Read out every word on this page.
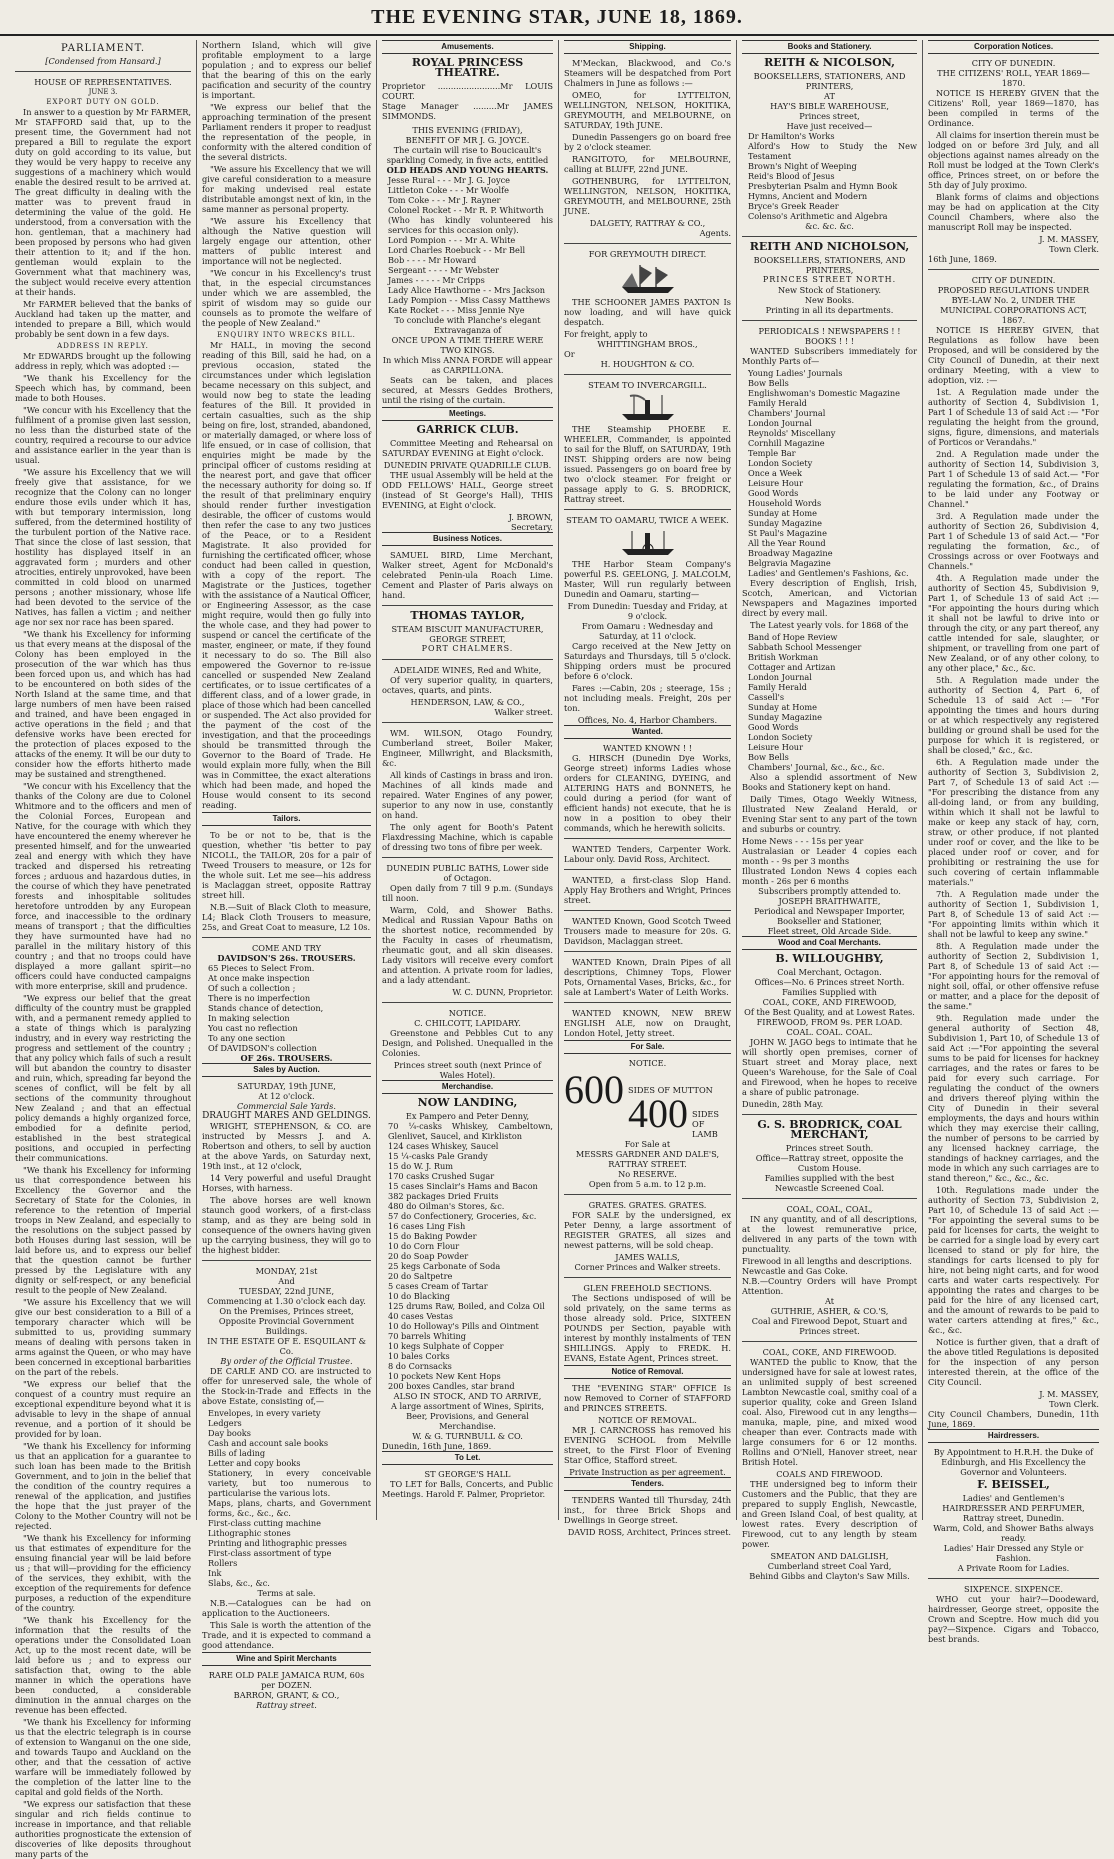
THE EVENING STAR, JUNE 18, 1869.
PARLIAMENT.
[Condensed from Hansard.]
HOUSE OF REPRESENTATIVES.
JUNE 3.
EXPORT DUTY ON GOLD.

In answer to a question by Mr FARMER, Mr STAFFORD said that, up to the present time, the Government had not prepared a Bill to regulate the export duty on gold according to its value, but they would be very happy to receive any suggestions of a machinery which would enable the desired result to be arrived at. The great difficulty in dealing with the matter was to prevent fraud in determining the value of the gold. He understood, from a conversation with the hon. gentleman, that a machinery had been proposed by persons who had given their attention to it; and if the hon. gentleman would explain to the Government what that machinery was, the subject would receive every attention at their hands.

Mr FARMER believed that the banks of Auckland had taken up the matter, and intended to prepare a Bill, which would probably be sent down in a few days.

ADDRESS IN REPLY.

Mr EDWARDS brought up the following address in reply, which was adopted :—

"We thank his Excellency for the Speech which has, by command, been made to both Houses.

"We concur with his Excellency that the fulfilment of a promise given last session, no less than the disturbed state of the country, required a recourse to our advice and assistance earlier in the year than is usual.

"We assure his Excellency that we will freely give that assistance, for we recognize that the Colony can no longer endure those evils under which it has, with but temporary intermission, long suffered, from the determined hostility of the turbulent portion of the Native race. That since the close of last session, that hostility has displayed itself in an aggravated form ; murders and other atrocities, entirely unprovoked, have been committed in cold blood on unarmed persons ; another missionary, whose life had been devoted to the service of the Natives, has fallen a victim ; and neither age nor sex nor race has been spared.

"We thank his Excellency for informing us that every means at the disposal of the Colony has been employed in the prosecution of the war which has thus been forced upon us, and which has had to be encountered on both sides of the North Island at the same time, and that large numbers of men have been raised and trained, and have been engaged in active operations in the field ; and that defensive works have been erected for the protection of places exposed to the attacks of the enemy. It will be our duty to consider how the efforts hitherto made may be sustained and strengthened.

"We concur with his Excellency that the thanks of the Colony are due to Colonel Whitmore and to the officers and men of the Colonial Forces, European and Native, for the courage with which they have encountered the enemy wherever he presented himself, and for the unwearied zeal and energy with which they have tracked and dispersed his retreating forces ; arduous and hazardous duties, in the course of which they have penetrated forests and inhospitable solitudes heretofore untrodden by any European force, and inaccessible to the ordinary means of transport ; that the difficulties they have surmounted have had no parallel in the military history of this country ; and that no troops could have displayed a more gallant spirit—no officers could have conducted campaigns with more enterprise, skill and prudence.

"We express our belief that the great difficulty of the country must be grappled with, and a permanent remedy applied to a state of things which is paralyzing industry, and in every way restricting the progress and settlement of the country ; that any policy which fails of such a result will but abandon the country to disaster and ruin, which, spreading far beyond the scenes of conflict, will be felt by all sections of the community throughout New Zealand ; and that an effectual policy demands a highly organized force, embodied for a definite period, established in the best strategical positions, and occupied in perfecting their communications.

"We thank his Excellency for informing us that correspondence between his Excellency the Governor and the Secretary of State for the Colonies, in reference to the retention of Imperial troops in New Zealand, and especially to the resolutions on the subject passed by both Houses during last session, will be laid before us, and to express our belief that the question cannot be further pressed by the Legislature with any dignity or self-respect, or any beneficial result to the people of New Zealand.

"We assure his Excellency that we will give our best consideration to a Bill of a temporary character which will be submitted to us, providing summary means of dealing with persons taken in arms against the Queen, or who may have been concerned in exceptional barbarities on the part of the rebels.

"We express our belief that the conquest of a country must require an exceptional expenditure beyond what it is advisable to levy in the shape of annual revenue, and a portion of it should be provided for by loan.

"We thank his Excellency for informing us that an application for a guarantee to such loan has been made to the British Government, and to join in the belief that the condition of the country requires a renewal of the application, and justifies the hope that the just prayer of the Colony to the Mother Country will not be rejected.

"We thank his Excellency for informing us that estimates of expenditure for the ensuing financial year will be laid before us ; that will—providing for the efficiency of the services, they exhibit, with the exception of the requirements for defence purposes, a reduction of the expenditure of the country.

"We thank his Excellency for the information that the results of the operations under the Consolidated Loan Act, up to the most recent date, will be laid before us ; and to express our satisfaction that, owing to the able manner in which the operations have been conducted, a considerable diminution in the annual charges on the revenue has been effected.

"We thank his Excellency for informing us that the electric telegraph is in course of extension to Wanganui on the one side, and towards Taupo and Auckland on the other, and that the cessation of active warfare will be immediately followed by the completion of the latter line to the capital and gold fields of the North.

"We express our satisfaction that these singular and rich fields continue to increase in importance, and that reliable authorities prognosticate the extension of discoveries of like deposits throughout many parts of the

Northern Island, which will give profitable employment to a large population ; and to express our belief that the bearing of this on the early pacification and security of the country is important.

"We express our belief that the approaching termination of the present Parliament renders it proper to readjust the representation of the people, in conformity with the altered condition of the several districts.

"We assure his Excellency that we will give careful consideration to a measure for making undevised real estate distributable amongst next of kin, in the same manner as personal property.

"We assure his Excellency that although the Native question will largely engage our attention, other matters of public interest and importance will not be neglected.

"We concur in his Excellency's trust that, in the especial circumstances under which we are assembled, the spirit of wisdom may so guide our counsels as to promote the welfare of the people of New Zealand."

ENQUIRY INTO WRECKS BILL.

Mr HALL, in moving the second reading of this Bill, said he had, on a previous occasion, stated the circumstances under which legislation became necessary on this subject, and would now beg to state the leading features of the Bill. It provided in certain casualties, such as the ship being on fire, lost, stranded, abandoned, or materially damaged, or where loss of life ensued, or in case of collision, that enquiries might be made by the principal officer of customs residing at the nearest port, and gave that officer the necessary authority for doing so. If the result of that preliminary enquiry should render further investigation desirable, the officer of customs would then refer the case to any two justices of the Peace, or to a Resident Magistrate. It also provided for furnishing the certificated officer, whose conduct had been called in question, with a copy of the report. The Magistrate or the Justices, together with the assistance of a Nautical Officer, or Engineering Assessor, as the case might require, would then go fully into the whole case, and they had power to suspend or cancel the certificate of the master, engineer, or mate, if they found it necessary to do so. The Bill also empowered the Governor to re-issue cancelled or suspended New Zealand certificates, or to issue certificates of a different class, and of a lower grade, in place of those which had been cancelled or suspended. The Act also provided for the payment of the cost of the investigation, and that the proceedings should be transmitted through the Governor to the Board of Trade. He would explain more fully, when the Bill was in Committee, the exact alterations which had been made, and hoped the House would consent to its second reading.

Tailors.

To be or not to be, that is the question, whether 'tis better to pay NICOLL, the TAILOR, 20s for a pair of Tweed Trousers to measure, or 12s for the whole suit. Let me see—his address is Maclaggan street, opposite Rattray street hill.

N.B.—Suit of Black Cloth to measure, L4; Black Cloth Trousers to measure, 25s, and Great Coat to measure, L2 10s.

COME AND TRY
DAVIDSON'S 26s. TROUSERS.
65 Pieces to Select From.
At once make inspection
Of such a collection ;
There is no imperfection
Stands chance of detection,
In making selection
You cast no reflection
To any one section
Of DAVIDSON's collection
OF 26s. TROUSERS.
Sales by Auction.
SATURDAY, 19th JUNE,
At 12 o'clock.
Commercial Sale Yards.
DRAUGHT MARES AND GELDINGS.

WRIGHT, STEPHENSON, & CO. are instructed by Messrs J. and A. Robertson and others, to sell by auction at the above Yards, on Saturday next, 19th inst., at 12 o'clock,

14 Very powerful and useful Draught Horses, with harness.

The above horses are well known staunch good workers, of a first-class stamp, and as they are being sold in consequence of the owners having given up the carrying business, they will go to the highest bidder.

MONDAY, 21st
And
TUESDAY, 22nd JUNE,
Commencing at 1.30 o'clock each day.
On the Premises, Princes street, Opposite Provincial Government Buildings.
IN THE ESTATE OF E. ESQUILANT & Co.
By order of the Official Trustee.

DE CARLE AND CO. are instructed to offer for unreserved sale, the whole of the Stock-in-Trade and Effects in the above Estate, consisting of,—

Envelopes, in every variety
Ledgers
Day books
Cash and account sale books
Bills of lading
Letter and copy books
Stationery, in every conceivable variety, but too numerous to particularise the various lots.
Maps, plans, charts, and Government forms, &c., &c., &c.
First-class cutting machine
Lithographic stones
Printing and lithographic presses
First-class assortment of type
Rollers
Ink
Slabs, &c., &c.
Terms at sale.

N.B.—Catalogues can be had on application to the Auctioneers.

This Sale is worth the attention of the Trade, and it is expected to command a good attendance.

Wine and Spirit Merchants
RARE OLD PALE JAMAICA RUM, 60s per DOZEN.
BARRON, GRANT, & CO.,
Rattray street.
Amusements.
ROYAL PRINCESS THEATRE.
Proprietor ........................Mr LOUIS COURT.
Stage Manager .........Mr JAMES SIMMONDS.
THIS EVENING (FRIDAY),
BENEFIT OF MR J. G. JOYCE.
The curtain will rise to Boucicault's sparkling Comedy, in five acts, entitled
OLD HEADS AND YOUNG HEARTS.
Jesse Rural - - - Mr J. G. Joyce
Littleton Coke - - - Mr Woolfe
Tom Coke - - - Mr J. Rayner
Colonel Rocket - - Mr R. P. Whitworth
(Who has kindly volunteered his services for this occasion only).
Lord Pompion - - - Mr A. White
Lord Charles Roebuck - - Mr Bell
Bob - - - - Mr Howard
Sergeant - - - - Mr Webster
James - - - - - Mr Cripps
Lady Alice Hawthorne - - Mrs Jackson
Lady Pompion - - Miss Cassy Matthews
Kate Rocket - - - Miss Jennie Nye
To conclude with Planche's elegant Extravaganza of
ONCE UPON A TIME THERE WERE TWO KINGS.
In which Miss ANNA FORDE will appear as CARPILLONA.

Seats can be taken, and places secured, at Messrs Geddes Brothers, until the rising of the curtain.

Meetings.
GARRICK CLUB.

Committee Meeting and Rehearsal on SATURDAY EVENING at Eight o'clock.

DUNEDIN PRIVATE QUADRILLE CLUB.

THE usual Assembly will be held at the ODD FELLOWS' HALL, George street (instead of St George's Hall), THIS EVENING, at Eight o'clock.

J. BROWN,
Secretary.
Business Notices.

SAMUEL BIRD, Lime Merchant, Walker street, Agent for McDonald's celebrated Penin-ula Roach Lime. Cement and Plaster of Paris always on hand.

THOMAS TAYLOR,
STEAM BISCUIT MANUFACTURER,
GEORGE STREET,
PORT CHALMERS.
ADELAIDE WINES, Red and White,

Of very superior quality, in quarters, octaves, quarts, and pints.

HENDERSON, LAW, & CO.,
Walker street.

WM. WILSON, Otago Foundry, Cumberland street, Boiler Maker, Engineer, Millwright, and Blacksmith, &c.

All kinds of Castings in brass and iron. Machines of all kinds made and repaired. Water Engines of any power, superior to any now in use, constantly on hand.

The only agent for Booth's Patent Flaxdressing Machine, which is capable of dressing two tons of fibre per week.

DUNEDIN PUBLIC BATHS, Lower side of Octagon.

Open daily from 7 till 9 p.m. (Sundays till noon.

Warm, Cold, and Shower Baths. Medical and Russian Vapour Baths on the shortest notice, recommended by the Faculty in cases of rheumatism, rheumatic gout, and all skin diseases. Lady visitors will receive every comfort and attention. A private room for ladies, and a lady attendant.

W. C. DUNN, Proprietor.
NOTICE.
C. CHILCOTT, LAPIDARY.

Greenstone and Pebbles Cut to any Design, and Polished. Unequalled in the Colonies.

Princes street south (next Prince of Wales Hotel).
Merchandise.
NOW LANDING,
Ex Pampero and Peter Denny,
70 ¼-casks Whiskey, Cambeltown, Glenlivet, Saucel, and Kirkliston
124 cases Whiskey, Saucel
15 ¼-casks Pale Grandy
15 do W. J. Rum
170 casks Crushed Sugar
15 cases Sinclair's Hams and Bacon
382 packages Dried Fruits
480 do Oilman's Stores, &c.
57 do Confectionery, Groceries, &c.
16 cases Ling Fish
15 do Baking Powder
10 do Corn Flour
20 do Soap Powder
25 kegs Carbonate of Soda
20 do Saltpetre
5 cases Cream of Tartar
10 do Blacking
125 drums Raw, Boiled, and Colza Oil
40 cases Vestas
10 do Holloway's Pills and Ointment
70 barrels Whiting
10 kegs Sulphate of Copper
10 bales Corks
8 do Cornsacks
10 pockets New Kent Hops
200 boxes Candles, star brand
ALSO IN STOCK, AND TO ARRIVE,
A large assortment of Wines, Spirits, Beer, Provisions, and General Merchandise.
W. & G. TURNBULL & CO.
Dunedin, 16th June, 1869.
To Let.
ST GEORGE'S HALL

TO LET for Balls, Concerts, and Public Meetings. Harold F. Palmer, Proprietor.

Shipping.

M'Meckan, Blackwood, and Co.'s Steamers will be despatched from Port Chalmers in June as follows :—

OMEO, for LYTTELTON, WELLINGTON, NELSON, HOKITIKA, GREYMOUTH, and MELBOURNE, on SATURDAY, 19th JUNE.

Dunedin Passengers go on board free by 2 o'clock steamer.

RANGITOTO, for MELBOURNE, calling at BLUFF, 22nd JUNE.

GOTHENBURG, for LYTTELTON, WELLINGTON, NELSON, HOKITIKA, GREYMOUTH, and MELBOURNE, 25th JUNE.

DALGETY, RATTRAY & CO.,
Agents.
FOR GREYMOUTH DIRECT.

THE SCHOONER JAMES PAXTON Is now loading, and will have quick despatch.

For freight, apply to
WHITTINGHAM BROS.,
Or
H. HOUGHTON & CO.
STEAM TO INVERCARGILL.

THE Steamship PHOEBE E. WHEELER, Commander, is appointed to sail for the Bluff, on SATURDAY, 19th INST. Shipping orders are now being issued. Passengers go on board free by two o'clock steamer. For freight or passage apply to G. S. BRODRICK, Rattray street.

STEAM TO OAMARU, TWICE A WEEK.

THE Harbor Steam Company's powerful P.S. GEELONG, J. MALCOLM, Master, Will run regularly between Dunedin and Oamaru, starting—

From Dunedin: Tuesday and Friday, at 9 o'clock.
From Oamaru : Wednesday and Saturday, at 11 o'clock.

Cargo received at the New Jetty on Saturdays and Thursdays, till 5 o'clock. Shipping orders must be procured before 6 o'clock.

Fares :—Cabin, 20s ; steerage, 15s ; not including meals. Freight, 20s per ton.

Offices, No. 4, Harbor Chambers.
Wanted.
WANTED KNOWN ! !

G. HIRSCH (Dunedin Dye Works, George street) informs Ladies whose orders for CLEANING, DYEING, and ALTERING HATS and BONNETS, he could during a period (for want of efficient hands) not execute, that he is now in a position to obey their commands, which he herewith solicits.

WANTED Tenders, Carpenter Work. Labour only. David Ross, Architect.

WANTED, a first-class Slop Hand. Apply Hay Brothers and Wright, Princes street.

WANTED Known, Good Scotch Tweed Trousers made to measure for 20s. G. Davidson, Maclaggan street.

WANTED Known, Drain Pipes of all descriptions, Chimney Tops, Flower Pots, Ornamental Vases, Bricks, &c., for sale at Lambert's Water of Leith Works.

WANTED KNOWN, NEW BREW ENGLISH ALE, now on Draught, London Hotel, Jetty street.

For Sale.
NOTICE.
600 SIDES OF MUTTON
400 SIDES OF LAMB
For Sale at
MESSRS GARDNER AND DALE'S,
RATTRAY STREET.
No RESERVE.
Open from 5 a.m. to 12 p.m.
GRATES. GRATES. GRATES.

FOR SALE by the undersigned, ex Peter Denny, a large assortment of REGISTER GRATES, all sizes and newest patterns, will be sold cheap.

JAMES WALLS,
Corner Princes and Walker streets.
GLEN FREEHOLD SECTIONS.

The Sections undisposed of will be sold privately, on the same terms as those already sold. Price, SIXTEEN POUNDS per Section, payable with interest by monthly instalments of TEN SHILLINGS. Apply to FREDK. H. EVANS, Estate Agent, Princes street.

Notice of Removal.

THE "EVENING STAR" OFFICE Is now Removed to Corner of STAFFORD and PRINCES STREETS.

NOTICE OF REMOVAL.

MR J. CARNCROSS has removed his EVENING SCHOOL from Melville street, to the First Floor of Evening Star Office, Stafford street.

Private Instruction as per agreement.
Tenders.

TENDERS Wanted till Thursday, 24th inst., for three Brick Shops and Dwellings in George street.

DAVID ROSS, Architect, Princes street.
Books and Stationery.
REITH & NICOLSON,
BOOKSELLERS, STATIONERS, AND PRINTERS,
AT
HAY'S BIBLE WAREHOUSE,
Princes street,
Have just received—
Dr Hamilton's Works
Alford's How to Study the New Testament
Brown's Night of Weeping
Reid's Blood of Jesus
Presbyterian Psalm and Hymn Book
Hymns, Ancient and Modern
Bryce's Greek Reader
Colenso's Arithmetic and Algebra
&c. &c. &c.
REITH AND NICHOLSON,
BOOKSELLERS, STATIONERS, AND PRINTERS,
PRINCES STREET NORTH.
New Stock of Stationery.
New Books.
Printing in all its departments.
PERIODICALS ! NEWSPAPERS ! ! BOOKS ! ! !

WANTED Subscribers immediately for Monthly Parts of—

Young Ladies' Journals
Bow Bells
Englishwoman's Domestic Magazine
Family Herald
Chambers' Journal
London Journal
Reynolds' Miscellany
Cornhill Magazine
Temple Bar
London Society
Once a Week
Leisure Hour
Good Words
Household Words
Sunday at Home
Sunday Magazine
St Paul's Magazine
All the Year Round
Broadway Magazine
Belgravia Magazine
Ladies' and Gentlemen's Fashions, &c.

Every description of English, Irish, Scotch, American, and Victorian Newspapers and Magazines imported direct by every mail.

The Latest yearly vols. for 1868 of the

Band of Hope Review
Sabbath School Messenger
British Workman
Cottager and Artizan
London Journal
Family Herald
Cassell's
Sunday at Home
Sunday Magazine
Good Words
London Society
Leisure Hour
Bow Bells
Chambers' Journal, &c., &c., &c.

Also a splendid assortment of New Books and Stationery kept on hand.

Daily Times, Otago Weekly Witness, Illustrated New Zealand Herald, or Evening Star sent to any part of the town and suburbs or country.

Home News - - - 15s per year
Australasian or Leader 4 copies each month - - 9s per 3 months
Illustrated London News 4 copies each month - 26s per 6 months
Subscribers promptly attended to.
JOSEPH BRAITHWAITE,
Periodical and Newspaper Importer, Bookseller and Stationer,
Fleet street, Old Arcade Side.
Wood and Coal Merchants.
B. WILLOUGHBY,
Coal Merchant, Octagon.
Offices—No. 6 Princes street North.
Families Supplied with
COAL, COKE, AND FIREWOOD,
Of the Best Quality, and at Lowest Rates.
FIREWOOD, FROM 9s. PER LOAD.
COAL. COAL. COAL.

JOHN W. JAGO begs to intimate that he will shortly open premises, corner of Stuart street and Moray place, next Queen's Warehouse, for the Sale of Coal and Firewood, when he hopes to receive a share of public patronage.

Dunedin, 28th May.
G. S. BRODRICK, COAL MERCHANT,
Princes street South.
Office—Rattray street, opposite the Custom House.
Families supplied with the best Newcastle Screened Coal.
COAL, COAL, COAL,

IN any quantity, and of all descriptions, at the lowest remunerative price, delivered in any parts of the town with punctuality.

Firewood in all lengths and descriptions.
Newcastle and Gas Coke.
N.B.—Country Orders will have Prompt Attention.
At
GUTHRIE, ASHER, & CO.'S,
Coal and Firewood Depot, Stuart and Princes street.
COAL, COKE, AND FIREWOOD.

WANTED the public to Know, that the undersigned have for sale at lowest rates, an unlimited supply of best screened Lambton Newcastle coal, smithy coal of a superior quality, coke and Green Island coal. Also, Firewood cut in any lengths—manuka, maple, pine, and mixed wood cheaper than ever. Contracts made with large consumers for 6 or 12 months. Rollins and O'Niell, Hanover street, near British Hotel.

COALS AND FIREWOOD.

THE undersigned beg to inform their Customers and the Public, that they are prepared to supply English, Newcastle, and Green Island Coal, of best quality, at lowest rates. Every description of Firewood, cut to any length by steam power.

SMEATON AND DALGLISH,
Cumberland street Coal Yard,
Behind Gibbs and Clayton's Saw Mills.
Corporation Notices.
CITY OF DUNEDIN.
THE CITIZENS' ROLL, YEAR 1869—1870.

NOTICE IS HEREBY GIVEN that the Citizens' Roll, year 1869—1870, has been compiled in terms of the Ordinance.

All claims for insertion therein must be lodged on or before 3rd July, and all objections against names already on the Roll must be lodged at the Town Clerk's office, Princes street, on or before the 5th day of July proximo.

Blank forms of claims and objections may be had on application at the City Council Chambers, where also the manuscript Roll may be inspected.

J. M. MASSEY,
Town Clerk.
16th June, 1869.
CITY OF DUNEDIN.
PROPOSED REGULATIONS UNDER BYE-LAW No. 2, UNDER THE MUNICIPAL CORPORATIONS ACT, 1867.

NOTICE IS HEREBY GIVEN, that Regulations as follow have been Proposed, and will be considered by the City Council of Dunedin, at their next ordinary Meeting, with a view to adoption, viz. :—

1st. A Regulation made under the authority of Section 4, Subdivision 1, Part 1 of Schedule 13 of said Act :— "For regulating the height from the ground, signs, figure, dimensions, and materials of Porticos or Verandahs."

2nd. A Regulation made under the authority of Section 14, Subdivision 3, Part 1 of Schedule 13 of said Act.— "For regulating the formation, &c., of Drains to be laid under any Footway or Channel."

3rd. A Regulation made under the authority of Section 26, Subdivision 4, Part 1 of Schedule 13 of said Act.— "For regulating the formation, &c., of Crossings across or over Footways and Channels."

4th. A Regulation made under the authority of Section 45, Subdivision 9, Part 1, of Schedule 13 of said Act :— "For appointing the hours during which it shall not be lawful to drive into or through the city, or any part thereof, any cattle intended for sale, slaughter, or shipment, or travelling from one part of New Zealand, or of any other colony, to any other place," &c., &c.

5th. A Regulation made under the authority of Section 4, Part 6, of Schedule 13 of said Act :— "For appointing the times and hours during or at which respectively any registered building or ground shall be used for the purpose for which it is registered, or shall be closed," &c., &c.

6th. A Regulation made under the authority of Section 3, Subdivision 2, Part 7, of Schedule 13 of said Act :— "For prescribing the distance from any all-doing land, or from any building, within which it shall not be lawful to make or keep any stack of hay, corn, straw, or other produce, if not planted under roof or cover, and the like to be placed under roof or cover, and for prohibiting or restraining the use for such covering of certain inflammable materials."

7th. A Regulation made under the authority of Section 1, Subdivision 1, Part 8, of Schedule 13 of said Act :— "For appointing limits within which it shall not be lawful to keep any swine."

8th. A Regulation made under the authority of Section 2, Subdivision 1, Part 8, of Schedule 13 of said Act :— "For appointing hours for the removal of night soil, offal, or other offensive refuse or matter, and a place for the deposit of the same."

9th. Regulation made under the general authority of Section 48, Subdivision 1, Part 10, of Schedule 13 of said Act :—"For appointing the several sums to be paid for licenses for hackney carriages, and the rates or fares to be paid for every such carriage. For regulating the conduct of the owners and drivers thereof plying within the City of Dunedin in their several employments, the days and hours within which they may exercise their calling, the number of persons to be carried by any licensed hackney carriage, the standings of hackney carriages, and the mode in which any such carriages are to stand thereon," &c., &c., &c.

10th. Regulations made under the authority of Section 73, Subdivision 2, Part 10, of Schedule 13 of said Act :— "For appointing the several sums to be paid for licenses for carts, the weight to be carried for a single load by every cart licensed to stand or ply for hire, the standings for carts licensed to ply for hire, not being night carts, and for wood carts and water carts respectively. For appointing the rates and charges to be paid for the hire of any licensed cart, and the amount of rewards to be paid to water carters attending at fires," &c., &c., &c.

Notice is further given, that a draft of the above titled Regulations is deposited for the inspection of any person interested therein, at the office of the City Council.

J. M. MASSEY,
Town Clerk.
City Council Chambers, Dunedin, 11th June, 1869.
Hairdressers.
By Appointment to H.R.H. the Duke of Edinburgh, and His Excellency the Governor and Volunteers.
F. BEISSEL,
Ladies' and Gentlemen's
HAIRDRESSER AND PERFUMER,
Rattray street, Dunedin.
Warm, Cold, and Shower Baths always ready.
Ladies' Hair Dressed any Style or Fashion.
A Private Room for Ladies.
SIXPENCE. SIXPENCE.

WHO cut your hair?—Doodeward, hairdresser, George street, opposite the Crown and Sceptre. How much did you pay?—Sixpence. Cigars and Tobacco, best brands.
